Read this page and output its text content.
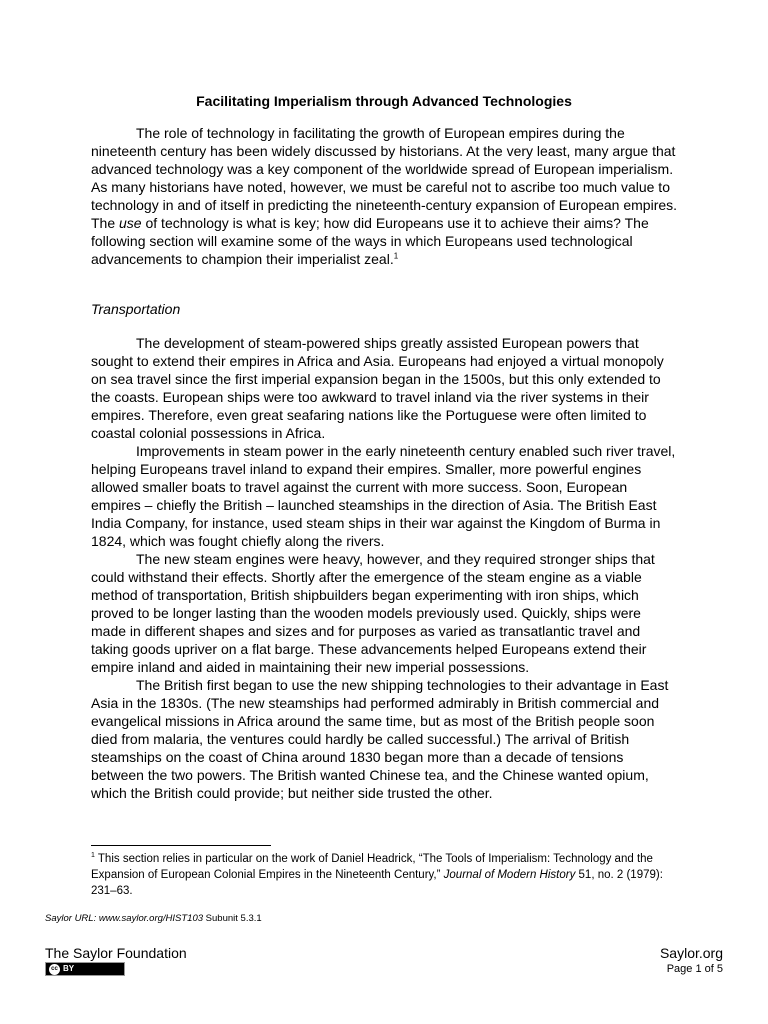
Facilitating Imperialism through Advanced Technologies

The role of technology in facilitating the growth of European empires during the nineteenth century has been widely discussed by historians. At the very least, many argue that advanced technology was a key component of the worldwide spread of European imperialism. As many historians have noted, however, we must be careful not to ascribe too much value to technology in and of itself in predicting the nineteenth-century expansion of European empires. The use of technology is what is key; how did Europeans use it to achieve their aims? The following section will examine some of the ways in which Europeans used technological advancements to champion their imperialist zeal.$^1$

Transportation

The development of steam-powered ships greatly assisted European powers that sought to extend their empires in Africa and Asia. Europeans had enjoyed a virtual monopoly on sea travel since the first imperial expansion began in the 1500s, but this only extended to the coasts. European ships were too awkward to travel inland via the river systems in their empires. Therefore, even great seafaring nations like the Portuguese were often limited to coastal colonial possessions in Africa.

Improvements in steam power in the early nineteenth century enabled such river travel, helping Europeans travel inland to expand their empires. Smaller, more powerful engines allowed smaller boats to travel against the current with more success. Soon, European empires – chiefly the British – launched steamships in the direction of Asia. The British East India Company, for instance, used steam ships in their war against the Kingdom of Burma in 1824, which was fought chiefly along the rivers.

The new steam engines were heavy, however, and they required stronger ships that could withstand their effects. Shortly after the emergence of the steam engine as a viable method of transportation, British shipbuilders began experimenting with iron ships, which proved to be longer lasting than the wooden models previously used. Quickly, ships were made in different shapes and sizes and for purposes as varied as transatlantic travel and taking goods upriver on a flat barge. These advancements helped Europeans extend their empire inland and aided in maintaining their new imperial possessions.

The British first began to use the new shipping technologies to their advantage in East Asia in the 1830s. (The new steamships had performed admirably in British commercial and evangelical missions in Africa around the same time, but as most of the British people soon died from malaria, the ventures could hardly be called successful.) The arrival of British steamships on the coast of China around 1830 began more than a decade of tensions between the two powers. The British wanted Chinese tea, and the Chinese wanted opium, which the British could provide; but neither side trusted the other.

$^1$ This section relies in particular on the work of Daniel Headrick, “The Tools of Imperialism: Technology and the Expansion of European Colonial Empires in the Nineteenth Century,” Journal of Modern History 51, no. 2 (1979): 231–63.
Saylor URL: www.saylor.org/HIST103 Subunit 5.3.1
The Saylor Foundation
cc BY
Saylor.org
Page 1 of 5
